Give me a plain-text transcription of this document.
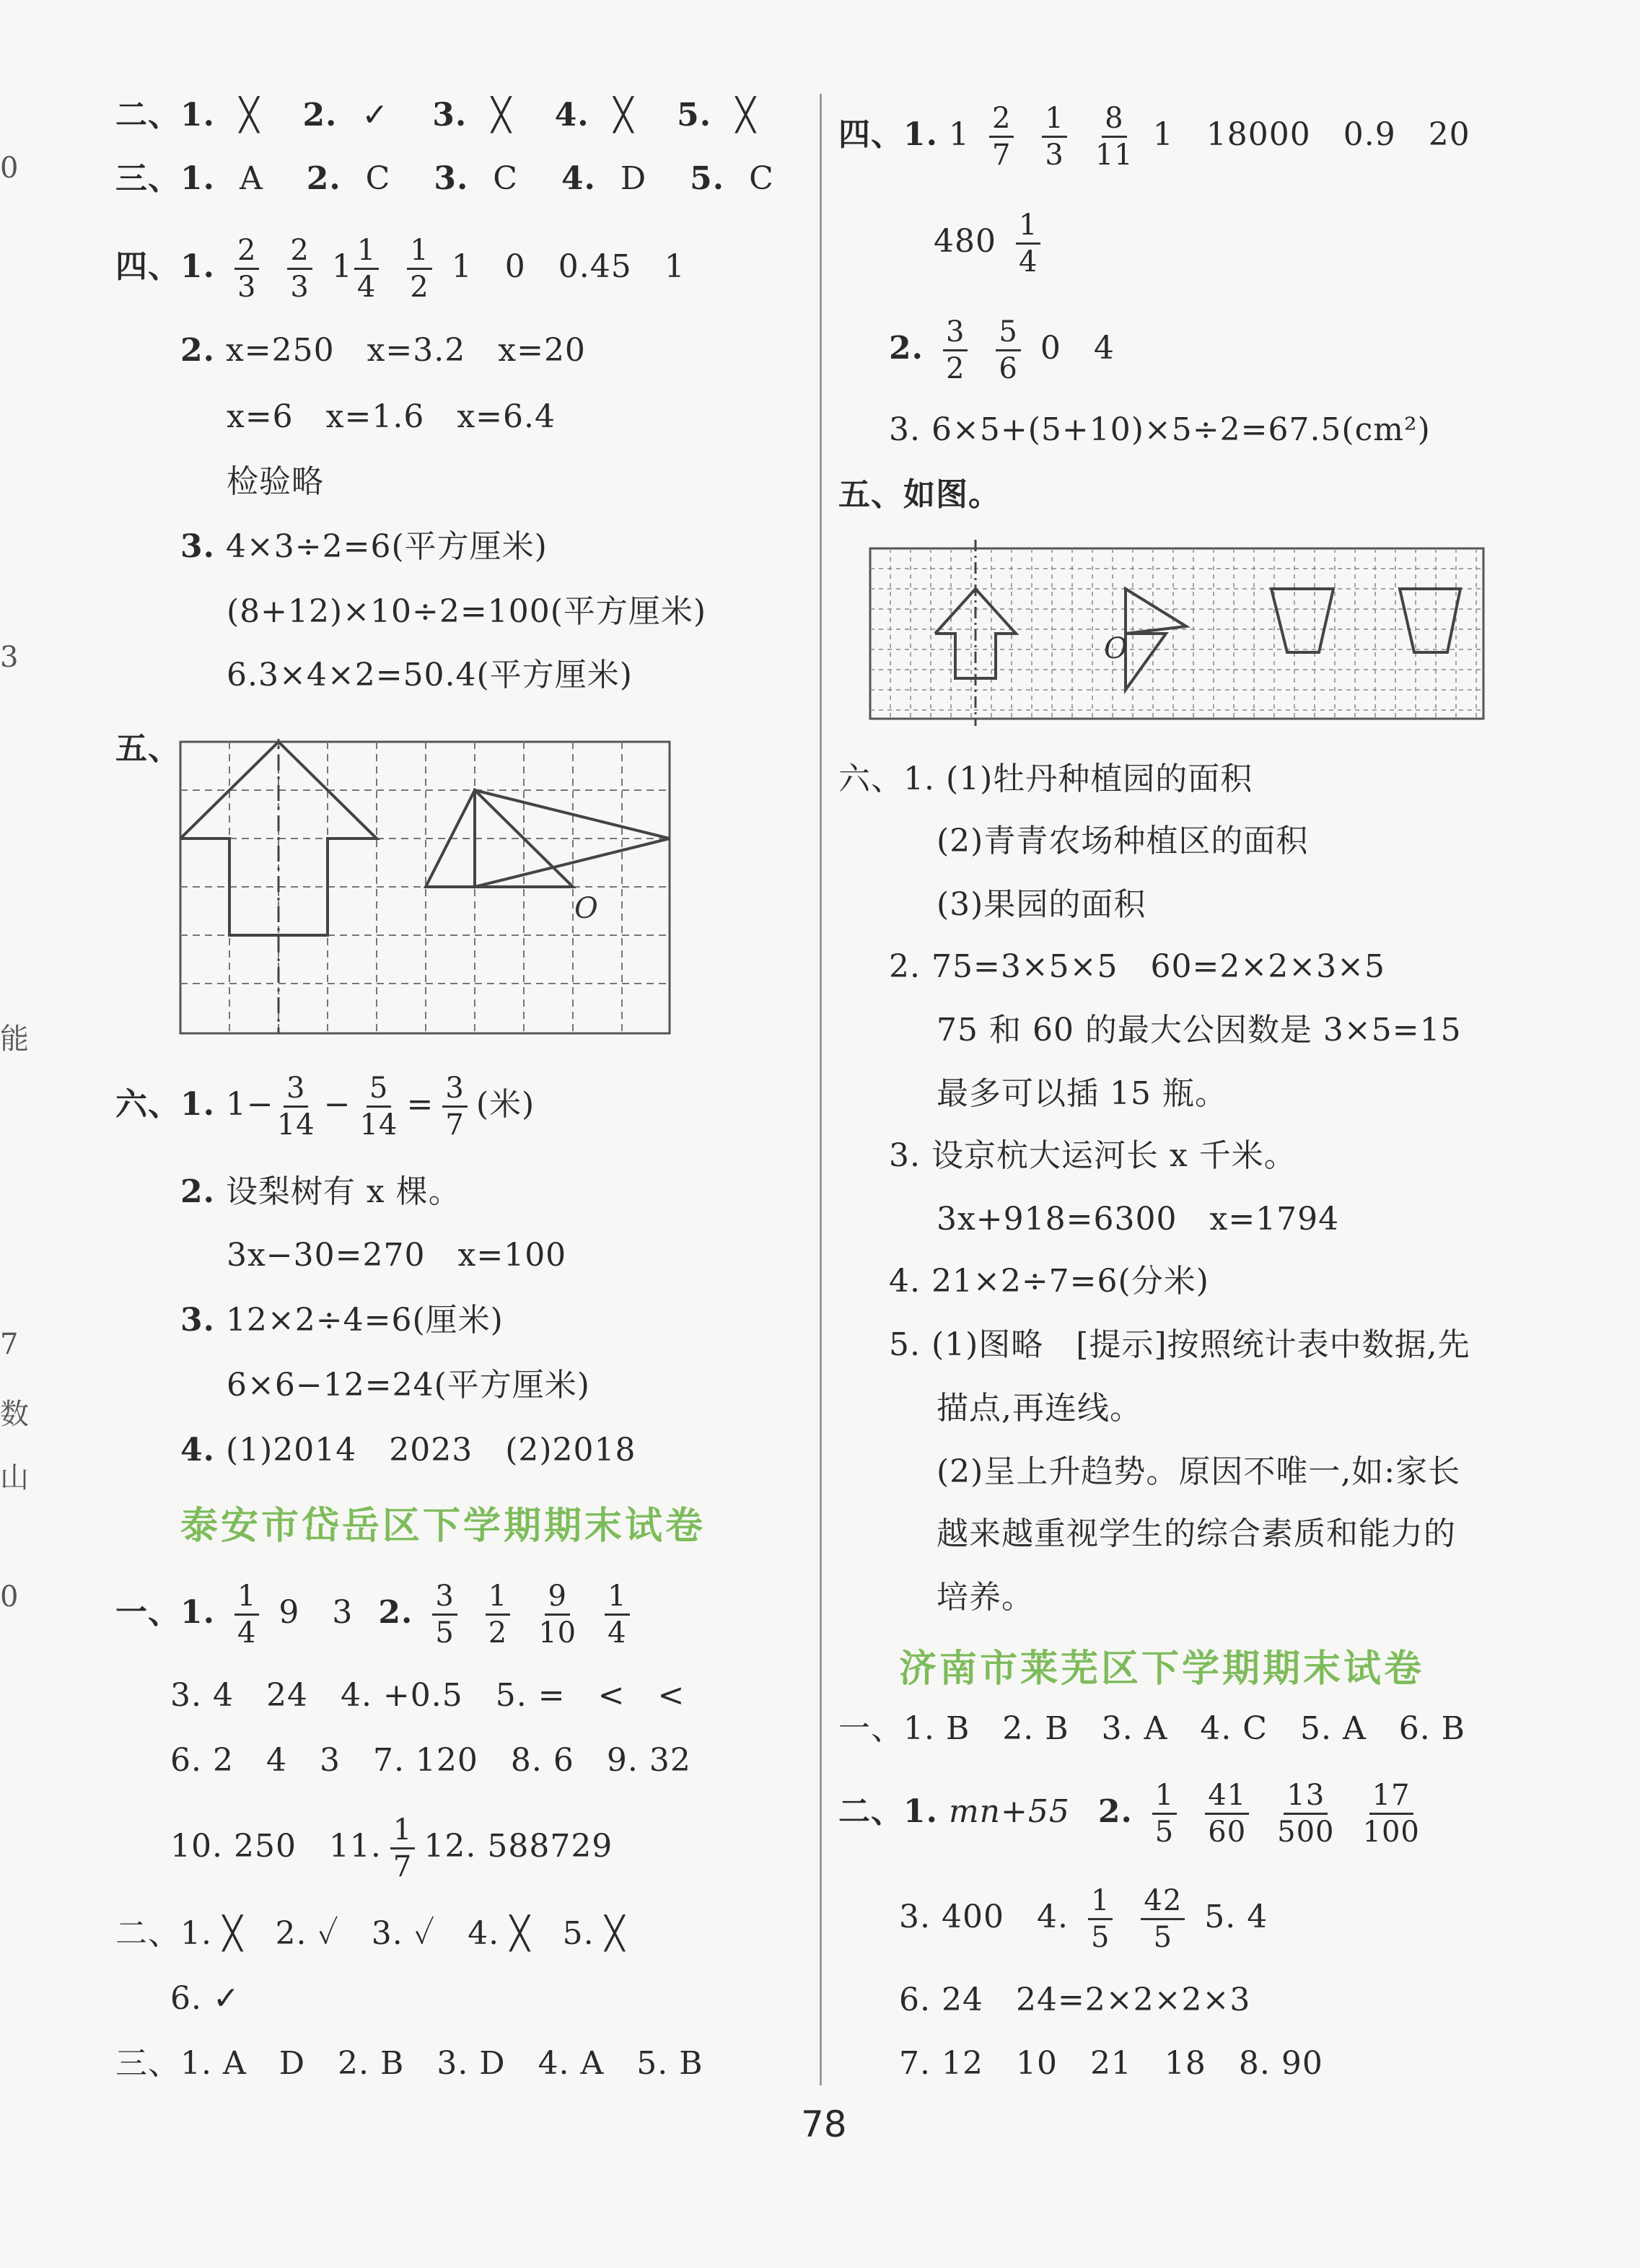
0
3
能
7
数
山
0
二、1. ╳ 2. ✓ 3. ╳ 4. ╳ 5. ╳
三、1. A 2. C 3. C 4. D 5. C
四、1. $\frac{2}{3}$
$\frac{2}{3} 1 \frac{1}{4}$
$\frac{1}{2} 1$　0　0.45　1
2. x=250　x=3.2　x=20
x=6　x=1.6　x=6.4
检验略
3. 4×3÷2=6(平方厘米)
(8+12)×10÷2=100(平方厘米)
6.3×4×2=50.4(平方厘米)
五、
O
六、1. $1- \frac{3}{14} - \frac{5}{14} = \frac{3}{7}$ (米)
2. 设梨树有 x 棵。
3x−30=270　x=100
3. 12×2÷4=6(厘米)
6×6−12=24(平方厘米)
4. (1)2014　2023　(2)2018
泰安市岱岳区下学期期末试卷
一、1. $\frac{1}{4} 9$　3 2. $\frac{3}{5}$
$\frac{1}{2}$
$\frac{9}{10}$
$\frac{1}{4}$
3. 4　24　4. +0.5　5. =　<　<
6. 2　4　3　7. 120　8. 6　9. 32
10. 250　11. $\frac{1}{7} 12$. 588729
二、1. ╳　2. ✓　3. ✓　4. ╳　5. ╳
6. ✓
三、1. A　D　2. B　3. D　4. A　5. B
四、1. $1 \frac{2}{7}$
$\frac{1}{3}$
$\frac{8}{11} 1$　18000　0.9　20
$480 \frac{1}{4}$
2. $\frac{3}{2}$
$\frac{5}{6} 0$　4
3. 6×5+(5+10)×5÷2=67.5(cm²)
五、如图。
O
六、1. (1)牡丹种植园的面积
(2)青青农场种植区的面积
(3)果园的面积
2. 75=3×5×5　60=2×2×3×5
75 和 60 的最大公因数是 3×5=15
最多可以插 15 瓶。
3. 设京杭大运河长 x 千米。
3x+918=6300　x=1794
4. 21×2÷7=6(分米)
5. (1)图略　[提示]按照统计表中数据,先
描点,再连线。
(2)呈上升趋势。原因不唯一,如:家长
越来越重视学生的综合素质和能力的
培养。
济南市莱芜区下学期期末试卷
一、1. B　2. B　3. A　4. C　5. A　6. B
二、1. mn+55 2. $\frac{1}{5}$
$\frac{41}{60}$
$\frac{13}{500}$
$\frac{17}{100}$
3. 400　4. $\frac{1}{5}$
$\frac{42}{5} 5$. 4
6. 24　24=2×2×2×3
7. 12　10　21　18　8. 90
78
